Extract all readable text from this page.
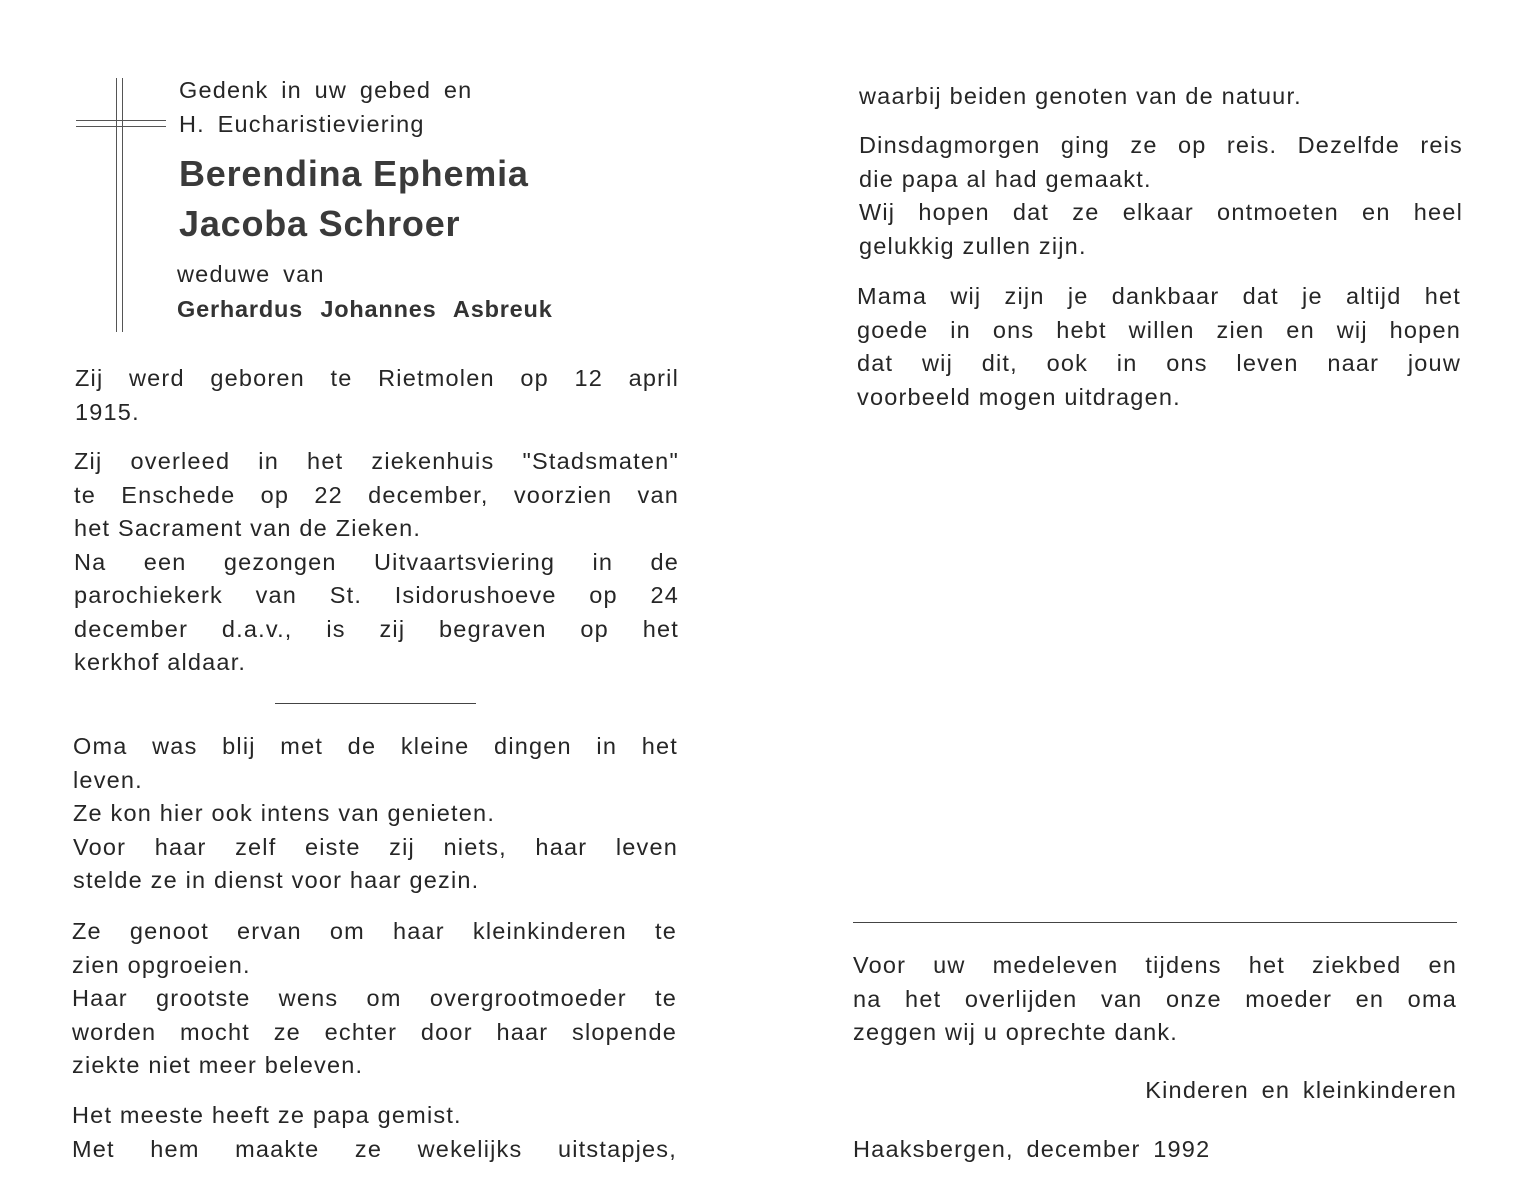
Gedenk in uw gebed en

H. Eucharistieviering

Berendina Ephemia

Jacoba Schroer

weduwe van

Gerhardus Johannes Asbreuk

Zij werd geboren te Rietmolen op 12 april
1915.
Zij overleed in het ziekenhuis "Stadsmaten"
te Enschede op 22 december, voorzien van
het Sacrament van de Zieken.
Na een gezongen Uitvaartsviering in de
parochiekerk van St. Isidorushoeve op 24
december d.a.v., is zij begraven op het
kerkhof aldaar.
Oma was blij met de kleine dingen in het
leven.
Ze kon hier ook intens van genieten.
Voor haar zelf eiste zij niets, haar leven
stelde ze in dienst voor haar gezin.
Ze genoot ervan om haar kleinkinderen te
zien opgroeien.
Haar grootste wens om overgrootmoeder te
worden mocht ze echter door haar slopende
ziekte niet meer beleven.
Het meeste heeft ze papa gemist.
Met hem maakte ze wekelijks uitstapjes,
waarbij beiden genoten van de natuur.
Dinsdagmorgen ging ze op reis. Dezelfde reis
die papa al had gemaakt.
Wij hopen dat ze elkaar ontmoeten en heel
gelukkig zullen zijn.
Mama wij zijn je dankbaar dat je altijd het
goede in ons hebt willen zien en wij hopen
dat wij dit, ook in ons leven naar jouw
voorbeeld mogen uitdragen.
Voor uw medeleven tijdens het ziekbed en
na het overlijden van onze moeder en oma
zeggen wij u oprechte dank.

Kinderen en kleinkinderen

Haaksbergen, december 1992
